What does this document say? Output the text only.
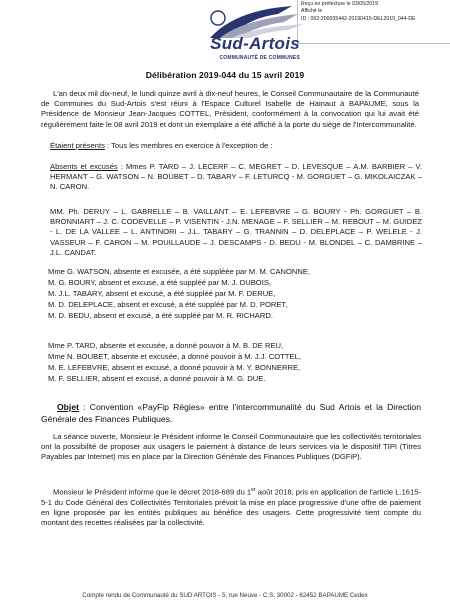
Reçu en préfecture le 03/05/2019
Affiché le
ID : 062-200035442-20190415-DEL2019_044-DE
Sud-Artois
COMMUNAUTÉ DE COMMUNES
Délibération 2019-044 du 15 avril 2019
L'an deux mil dix-neuf, le lundi quinze avril à dix-neuf heures, le Conseil Communautaire de la Communauté de Communes du Sud-Artois s'est réuni à l'Espace Culturel Isabelle de Hainaut à BAPAUME, sous la Présidence de Monsieur Jean-Jacques COTTEL, Président, conformément à la convocation qui lui avait été régulièrement faite le 08 avril 2019 et dont un exemplaire a été affiché à la porte du siège de l'Intercommunalité.
Étaient présents : Tous les membres en exercice à l'exception de :
Absents et excusés : Mmes P. TARD – J. LECERF – C. MEGRET – D. LEVESQUE – A.M. BARBIER – V. HERMANT – G. WATSON – N. BOUBET – D. TABARY – F. LETURCQ - M. GORGUET – G. MIKOLAICZAK – N. CARON.
MM. Ph. DERUY – L. GABRELLE – B. VAILLANT – E. LEFEBVRE – G. BOURY - Ph. GORGUET – B. BRONNIART – J. C. CODEVELLE – P. VISENTIN - J.N. MENAGE – F. SELLIER – M. REBOUT – M. GUIDEZ - L. DE LA VALLEE – L. ANTINORI – J.L. TABARY – G. TRANNIN – D. DELEPLACE – P. WELELE - J. VASSEUR – F. CARON – M. POUILLAUDE – J. DESCAMPS - D. BEDU - M. BLONDEL – C. DAMBRINE – J.L. CANDAT.
Mme G. WATSON, absente et excusée, a été suppléée par M. M. CANONNE,
M. G. BOURY, absent et excusé, a été suppléé par M. J. DUBOIS,
M. J.L. TABARY, absent et excusé, a été suppléé par M. F. DERUE,
M. D. DELEPLACE, absent et excusé, a été suppléé par M. D. PORET,
M. D. BEDU, absent et excusé, a été suppléé par M. R. RICHARD.
Mme P. TARD, absente et excusée, a donné pouvoir à M. B. DE REU,
Mme N. BOUBET, absente et excusée, a donné pouvoir à M. J.J. COTTEL,
M. E. LEFEBVRE, absent et excusé, a donné pouvoir à M. Y. BONNERRE,
M. F. SELLIER, absent et excusé, a donné pouvoir à M. G. DUE.
Objet : Convention «PayFip Régies» entre l'intercommunalité du Sud Artois et la Direction Générale des Finances Publiques.
La séance ouverte, Monsieur le Président informe le Conseil Communautaire que les collectivités territoriales ont la possibilité de proposer aux usagers le paiement à distance de leurs services via le dispositif TIPI (Titres Payables par Internet) mis en place par la Direction Générale des Finances Publiques (DGFiP).
Monsieur le Président informe que le décret 2018-689 du 1er août 2018, pris en application de l'article L.1615-5-1 du Code Général des Collectivités Territoriales prévoit la mise en place progressive d'une offre de paiement en ligne proposée par les entités publiques au bénéfice des usagers. Cette progressivité tient compte du montant des recettes réalisées par la collectivité.
Compte rendu de Communauté du SUD ARTOIS - 5, rue Neuve - C.S. 30002 - 62452 BAPAUME Cedex
